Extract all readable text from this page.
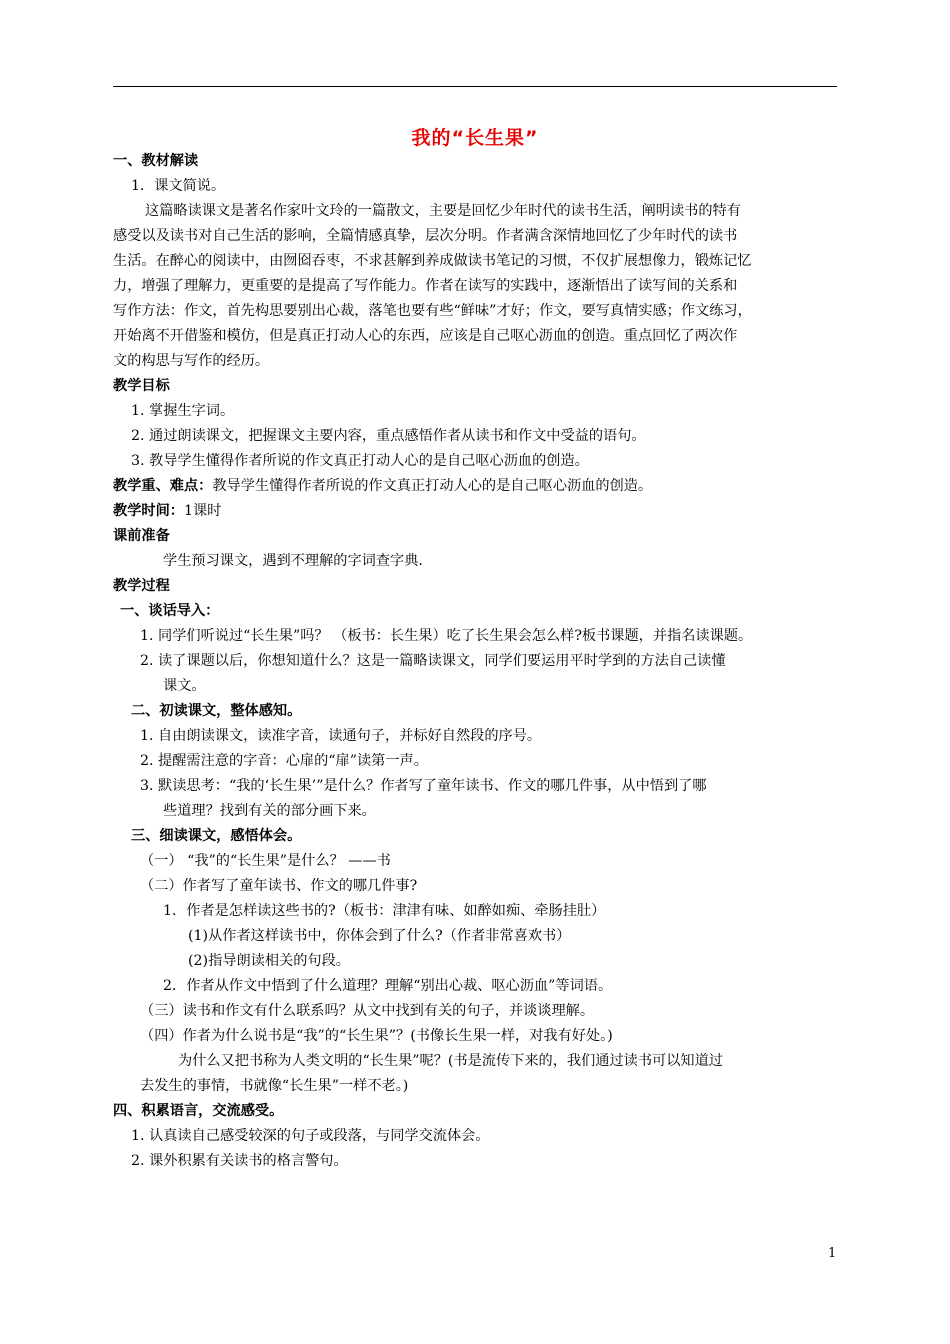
我的“长生果”
一、教材解读
1．课文简说。
这篇略读课文是著名作家叶文玲的一篇散文，主要是回忆少年时代的读书生活，阐明读书的特有
感受以及读书对自己生活的影响，全篇情感真挚，层次分明。作者满含深情地回忆了少年时代的读书
生活。在醉心的阅读中，由囫囵吞枣，不求甚解到养成做读书笔记的习惯，不仅扩展想像力，锻炼记忆
力，增强了理解力，更重要的是提高了写作能力。作者在读写的实践中，逐渐悟出了读写间的关系和
写作方法：作文，首先构思要别出心裁，落笔也要有些“鲜味”才好；作文，要写真情实感；作文练习，
开始离不开借鉴和模仿，但是真正打动人心的东西，应该是自己呕心沥血的创造。重点回忆了两次作
文的构思与写作的经历。
教学目标
1. 掌握生字词。
2. 通过朗读课文，把握课文主要内容，重点感悟作者从读书和作文中受益的语句。
3. 教导学生懂得作者所说的作文真正打动人心的是自己呕心沥血的创造。
教学重、难点：教导学生懂得作者所说的作文真正打动人心的是自己呕心沥血的创造。
教学时间：1课时
课前准备
学生预习课文，遇到不理解的字词查字典.
教学过程
一、谈话导入：
1. 同学们听说过“长生果”吗？ （板书：长生果）吃了长生果会怎么样?板书课题，并指名读课题。
2. 读了课题以后，你想知道什么？这是一篇略读课文，同学们要运用平时学到的方法自己读懂
课文。
二、初读课文，整体感知。
1. 自由朗读课文，读准字音，读通句子，并标好自然段的序号。
2. 提醒需注意的字音：心扉的“扉”读第一声。
3. 默读思考：“我的‘长生果’”是什么？作者写了童年读书、作文的哪几件事，从中悟到了哪
些道理？找到有关的部分画下来。
三、细读课文，感悟体会。
（一） “我”的“长生果”是什么？ ——书
（二）作者写了童年读书、作文的哪几件事?
1．作者是怎样读这些书的?（板书：津津有味、如醉如痴、牵肠挂肚）
(1)从作者这样读书中，你体会到了什么?（作者非常喜欢书）
(2)指导朗读相关的句段。
2．作者从作文中悟到了什么道理？理解“别出心裁、呕心沥血”等词语。
（三）读书和作文有什么联系吗？从文中找到有关的句子，并谈谈理解。
（四）作者为什么说书是“我”的“长生果”？(书像长生果一样，对我有好处。)
为什么又把书称为人类文明的“长生果”呢？(书是流传下来的，我们通过读书可以知道过
去发生的事情，书就像“长生果”一样不老。)
四、积累语言，交流感受。
1. 认真读自己感受较深的句子或段落，与同学交流体会。
2. 课外积累有关读书的格言警句。
1
